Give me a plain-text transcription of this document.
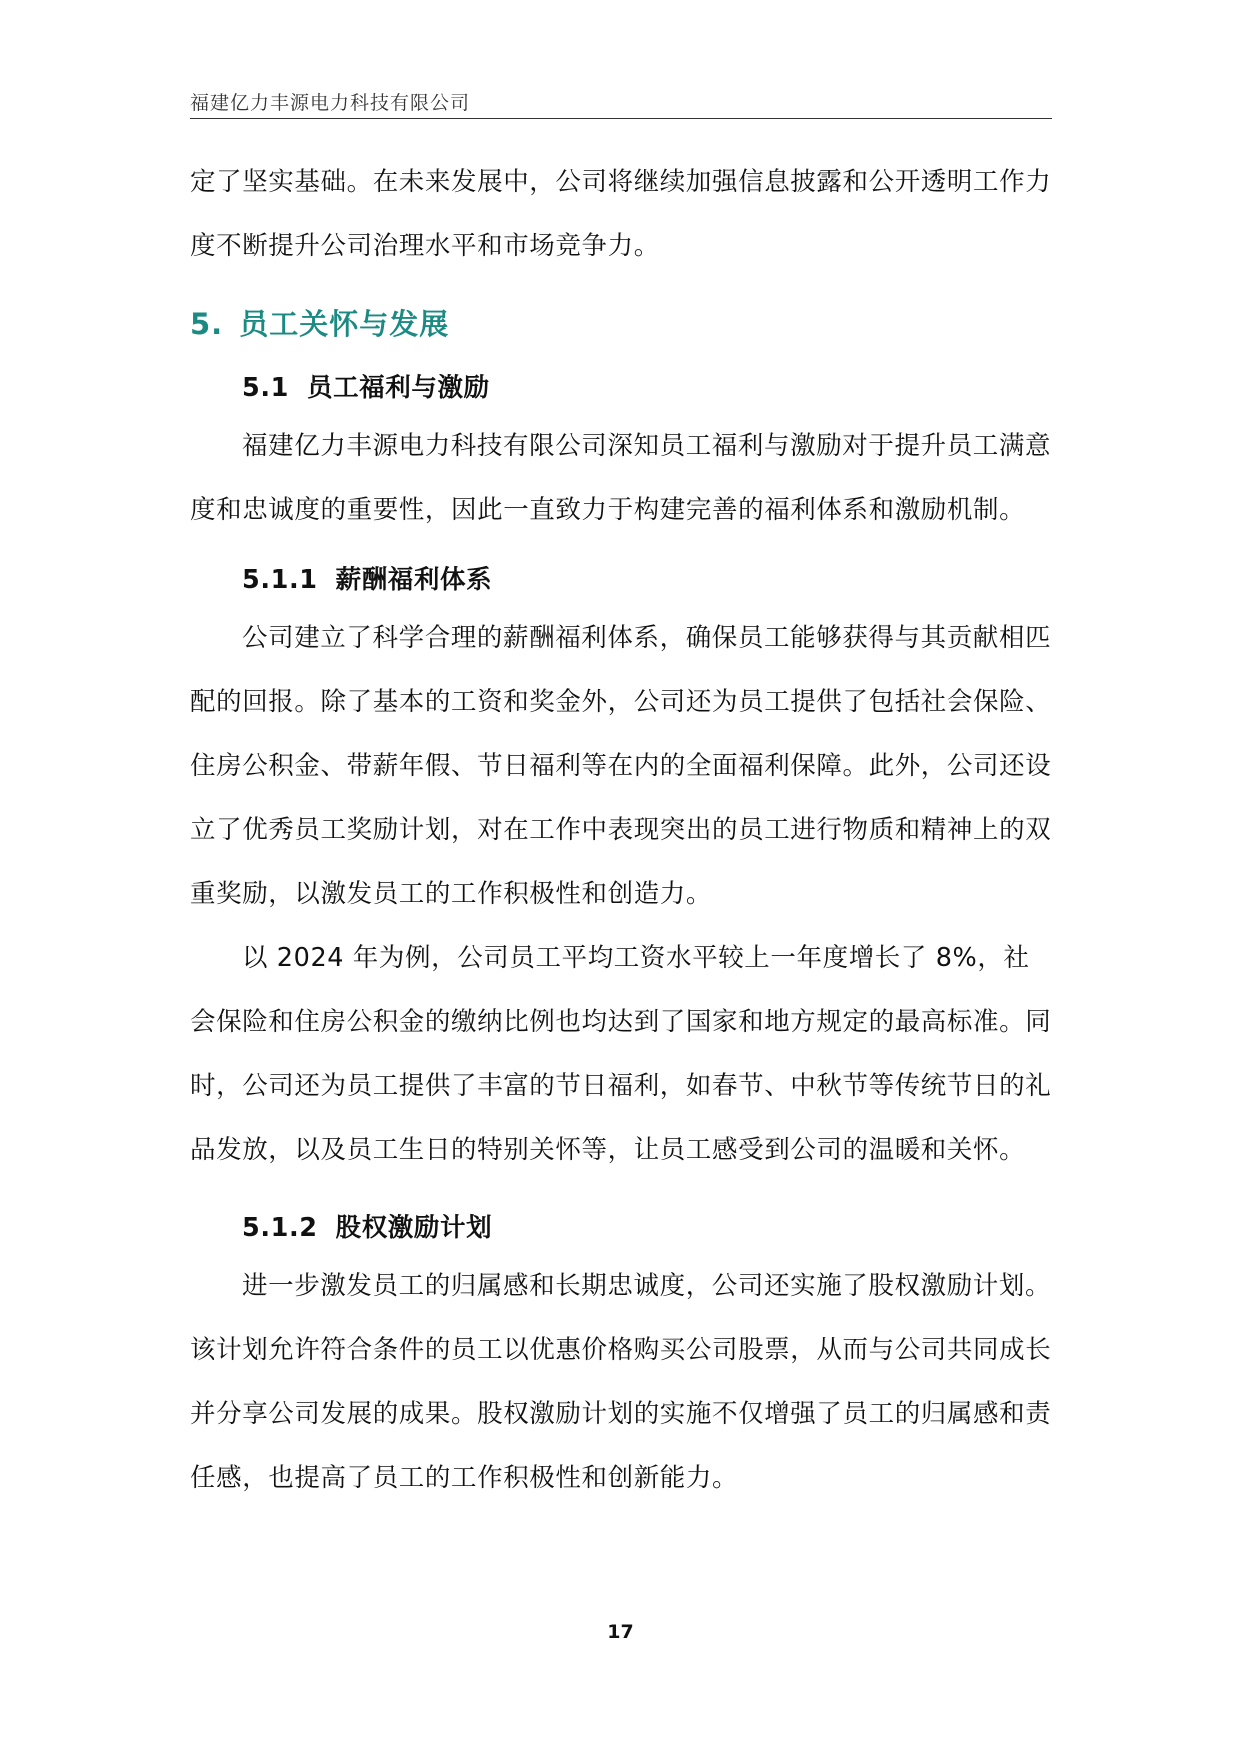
福建亿力丰源电力科技有限公司

定了坚实基础。在未来发展中，公司将继续加强信息披露和公开透明工作力度不断提升公司治理水平和市场竞争力。

5. 员工关怀与发展
5.1 员工福利与激励

福建亿力丰源电力科技有限公司深知员工福利与激励对于提升员工满意度和忠诚度的重要性，因此一直致力于构建完善的福利体系和激励机制。

5.1.1 薪酬福利体系

公司建立了科学合理的薪酬福利体系，确保员工能够获得与其贡献相匹配的回报。除了基本的工资和奖金外，公司还为员工提供了包括社会保险、住房公积金、带薪年假、节日福利等在内的全面福利保障。此外，公司还设立了优秀员工奖励计划，对在工作中表现突出的员工进行物质和精神上的双重奖励，以激发员工的工作积极性和创造力。

以 2024 年为例，公司员工平均工资水平较上一年度增长了 8%，社会保险和住房公积金的缴纳比例也均达到了国家和地方规定的最高标准。同时，公司还为员工提供了丰富的节日福利，如春节、中秋节等传统节日的礼品发放，以及员工生日的特别关怀等，让员工感受到公司的温暖和关怀。

5.1.2 股权激励计划

进一步激发员工的归属感和长期忠诚度，公司还实施了股权激励计划。该计划允许符合条件的员工以优惠价格购买公司股票，从而与公司共同成长并分享公司发展的成果。股权激励计划的实施不仅增强了员工的归属感和责任感，也提高了员工的工作积极性和创新能力。

17
